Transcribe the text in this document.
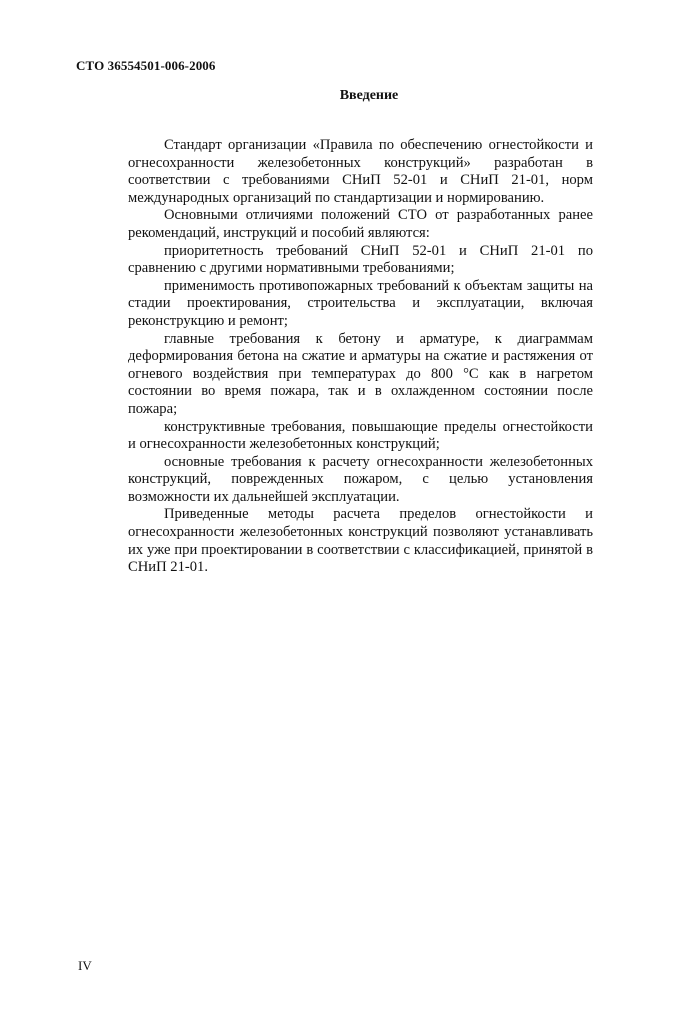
СТО 36554501-006-2006
Введение

Стандарт организации «Правила по обеспечению огнестойкости и огнесохранности железобетонных конструкций» разработан в соответствии с требованиями СНиП 52-01 и СНиП 21-01, норм международных организаций по стандартизации и нормированию.

Основными отличиями положений СТО от разработанных ранее рекомендаций, инструкций и пособий являются:

приоритетность требований СНиП 52-01 и СНиП 21-01 по сравнению с другими нормативными требованиями;

применимость противопожарных требований к объектам защиты на стадии проектирования, строительства и эксплуатации, включая реконструкцию и ремонт;

главные требования к бетону и арматуре, к диаграммам деформирования бетона на сжатие и арматуры на сжатие и растяжения от огневого воздействия при температурах до 800 °С как в нагретом состоянии во время пожара, так и в охлажденном состоянии после пожара;

конструктивные требования, повышающие пределы огнестойкости и огнесохранности железобетонных конструкций;

основные требования к расчету огнесохранности железобетонных конструкций, поврежденных пожаром, с целью установления возможности их дальнейшей эксплуатации.

Приведенные методы расчета пределов огнестойкости и огнесохранности железобетонных конструкций позволяют устанавливать их уже при проектировании в соответствии с классификацией, принятой в СНиП 21-01.

IV
